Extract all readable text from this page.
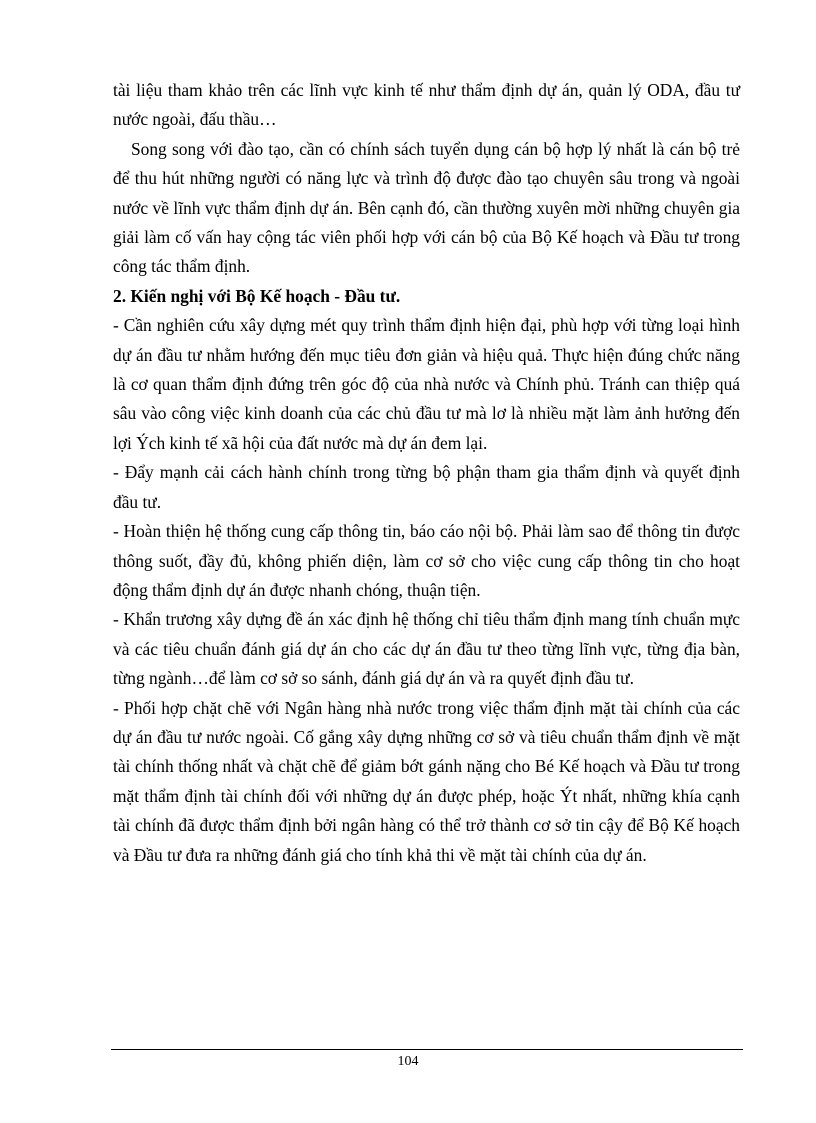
tài liệu tham khảo trên các lĩnh vực kinh tế như thẩm định dự án, quản lý ODA, đầu tư nước ngoài, đấu thầu…

Song song với đào tạo, cần có chính sách tuyển dụng cán bộ hợp lý nhất là cán bộ trẻ để thu hút những người có năng lực và trình độ được đào tạo chuyên sâu trong và ngoài nước về lĩnh vực thẩm định dự án. Bên cạnh đó, cần thường xuyên mời những chuyên gia giải làm cố vấn hay cộng tác viên phối hợp với cán bộ của Bộ Kế hoạch và Đầu tư trong công tác thẩm định.

2. Kiến nghị với Bộ Kế hoạch - Đầu tư.

- Cần nghiên cứu xây dựng mét quy trình thẩm định hiện đại, phù hợp với từng loại hình dự án đầu tư nhằm hướng đến mục tiêu đơn giản và hiệu quả. Thực hiện đúng chức năng là cơ quan thẩm định đứng trên góc độ của nhà nước và Chính phủ. Tránh can thiệp quá sâu vào công việc kinh doanh của các chủ đầu tư mà lơ là nhiều mặt làm ảnh hưởng đến lợi Ých kinh tế xã hội của đất nước mà dự án đem lại.

- Đẩy mạnh cải cách hành chính trong từng bộ phận tham gia thẩm định và quyết định đầu tư.

- Hoàn thiện hệ thống cung cấp thông tin, báo cáo nội bộ. Phải làm sao để thông tin được thông suốt, đầy đủ, không phiến diện, làm cơ sở cho việc cung cấp thông tin cho hoạt động thẩm định dự án được nhanh chóng, thuận tiện.

- Khẩn trương xây dựng đề án xác định hệ thống chỉ tiêu thẩm định mang tính chuẩn mực và các tiêu chuẩn đánh giá dự án cho các dự án đầu tư theo từng lĩnh vực, từng địa bàn, từng ngành…để làm cơ sở so sánh, đánh giá dự án và ra quyết định đầu tư.

- Phối hợp chặt chẽ với Ngân hàng nhà nước trong việc thẩm định mặt tài chính của các dự án đầu tư nước ngoài. Cố gắng xây dựng những cơ sở và tiêu chuẩn thẩm định về mặt tài chính thống nhất và chặt chẽ để giảm bớt gánh nặng cho Bé Kế hoạch và Đầu tư trong mặt thẩm định tài chính đối với những dự án được phép, hoặc Ýt nhất, những khía cạnh tài chính đã được thẩm định bởi ngân hàng có thể trở thành cơ sở tin cậy để Bộ Kế hoạch và Đầu tư đưa ra những đánh giá cho tính khả thi về mặt tài chính của dự án.

104
